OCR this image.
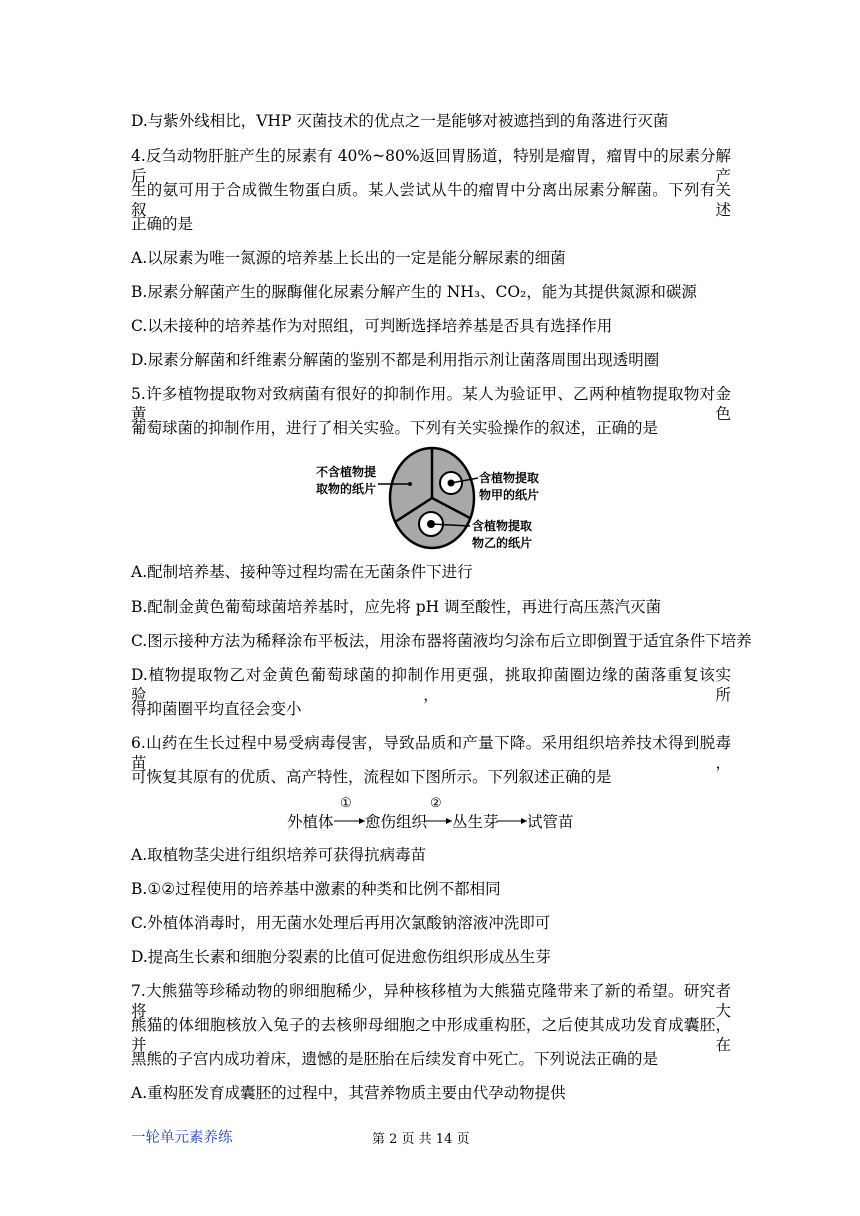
D.与紫外线相比，VHP 灭菌技术的优点之一是能够对被遮挡到的角落进行灭菌
4.反刍动物肝脏产生的尿素有 40%~80%返回胃肠道，特别是瘤胃，瘤胃中的尿素分解后产
生的氨可用于合成微生物蛋白质。某人尝试从牛的瘤胃中分离出尿素分解菌。下列有关叙述
正确的是
A.以尿素为唯一氮源的培养基上长出的一定是能分解尿素的细菌
B.尿素分解菌产生的脲酶催化尿素分解产生的 NH₃、CO₂，能为其提供氮源和碳源
C.以未接种的培养基作为对照组，可判断选择培养基是否具有选择作用
D.尿素分解菌和纤维素分解菌的鉴别不都是利用指示剂让菌落周围出现透明圈
5.许多植物提取物对致病菌有很好的抑制作用。某人为验证甲、乙两种植物提取物对金黄色
葡萄球菌的抑制作用，进行了相关实验。下列有关实验操作的叙述，正确的是
不含植物提
取物的纸片
含植物提取
物甲的纸片
含植物提取
物乙的纸片
A.配制培养基、接种等过程均需在无菌条件下进行
B.配制金黄色葡萄球菌培养基时，应先将 pH 调至酸性，再进行高压蒸汽灭菌
C.图示接种方法为稀释涂布平板法，用涂布器将菌液均匀涂布后立即倒置于适宜条件下培养
D.植物提取物乙对金黄色葡萄球菌的抑制作用更强，挑取抑菌圈边缘的菌落重复该实验，所
得抑菌圈平均直径会变小
6.山药在生长过程中易受病毒侵害，导致品质和产量下降。采用组织培养技术得到脱毒苗，
可恢复其原有的优质、高产特性，流程如下图所示。下列叙述正确的是
外植体
①
愈伤组织
②
丛生芽 试管苗
A.取植物茎尖进行组织培养可获得抗病毒苗
B.①②过程使用的培养基中激素的种类和比例不都相同
C.外植体消毒时，用无菌水处理后再用次氯酸钠溶液冲洗即可
D.提高生长素和细胞分裂素的比值可促进愈伤组织形成丛生芽
7.大熊猫等珍稀动物的卵细胞稀少，异种核移植为大熊猫克隆带来了新的希望。研究者将大
熊猫的体细胞核放入兔子的去核卵母细胞之中形成重构胚，之后使其成功发育成囊胚，并在
黑熊的子宫内成功着床，遗憾的是胚胎在后续发育中死亡。下列说法正确的是
A.重构胚发育成囊胚的过程中，其营养物质主要由代孕动物提供
一轮单元素养练	第 2 页 共 14 页
